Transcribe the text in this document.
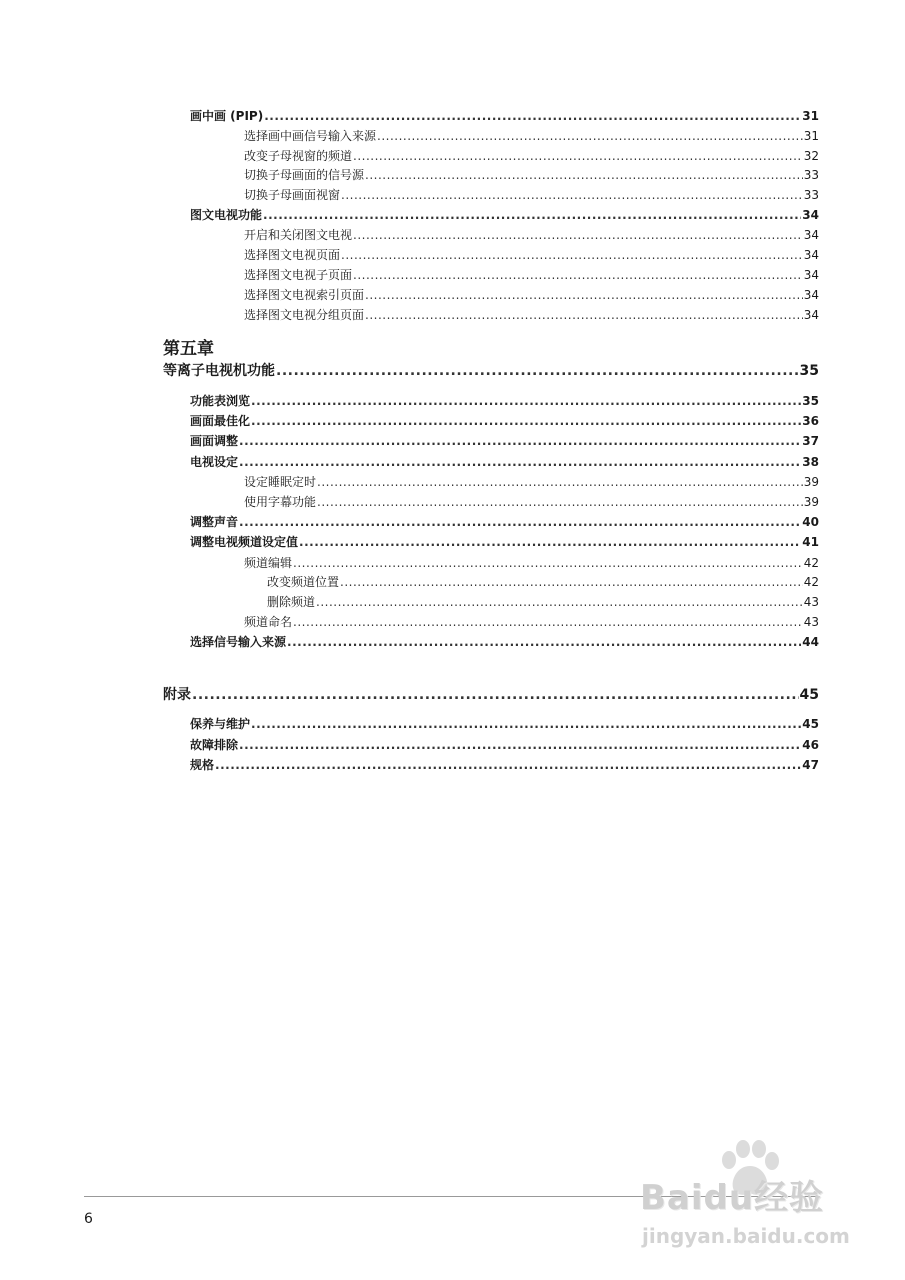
画中画 (PIP) .....	31
选择画中画信号输入来源 .....	31
改变子母视窗的频道 .....	32
切换子母画面的信号源 .....	33
切换子母画面视窗 .....	33
图文电视功能 .....	34
开启和关闭图文电视 .....	34
选择图文电视页面 .....	34
选择图文电视子页面 .....	34
选择图文电视索引页面 .....	34
选择图文电视分组页面 .....	34
第五章
等离子电视机功能 .....	35
功能表浏览 .....	35
画面最佳化 .....	36
画面调整 .....	37
电视设定 .....	38
设定睡眠定时 .....	39
使用字幕功能 .....	39
调整声音 .....	40
调整电视频道设定值 .....	41
频道编辑 .....	42
改变频道位置 .....	42
删除频道 .....	43
频道命名 .....	43
选择信号输入来源 .....	44
附录 .....	45
保养与维护 .....	45
故障排除 .....	46
规格 .....	47
6
Baidu经验
jingyan.baidu.com
